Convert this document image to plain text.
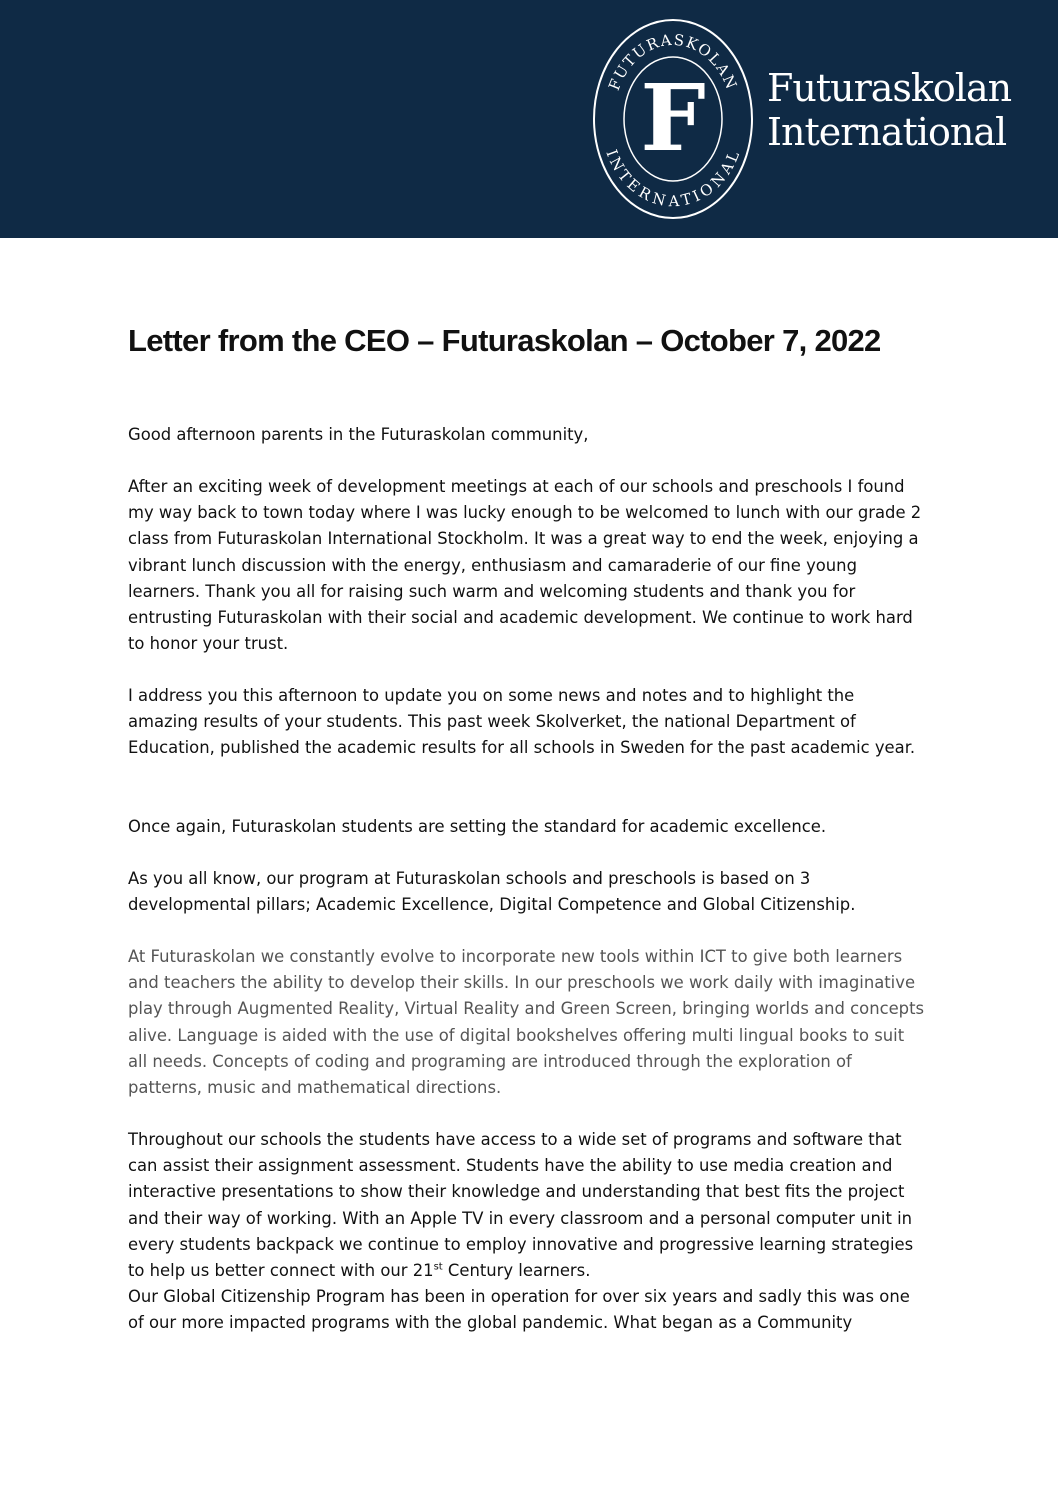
F
FUTURASKOLAN
INTERNATIONAL
Futuraskolan
International
Letter from the CEO – Futuraskolan – October 7, 2022

Good afternoon parents in the Futuraskolan community,

After an exciting week of development meetings at each of our schools and preschools I found my way back to town today where I was lucky enough to be welcomed to lunch with our grade 2 class from Futuraskolan International Stockholm. It was a great way to end the week, enjoying a vibrant lunch discussion with the energy, enthusiasm and camaraderie of our fine young learners. Thank you all for raising such warm and welcoming students and thank you for entrusting Futuraskolan with their social and academic development. We continue to work hard to honor your trust.

I address you this afternoon to update you on some news and notes and to highlight the amazing results of your students. This past week Skolverket, the national Department of Education, published the academic results for all schools in Sweden for the past academic year.

Once again, Futuraskolan students are setting the standard for academic excellence.

As you all know, our program at Futuraskolan schools and preschools is based on 3 developmental pillars; Academic Excellence, Digital Competence and Global Citizenship.

At Futuraskolan we constantly evolve to incorporate new tools within ICT to give both learners and teachers the ability to develop their skills. In our preschools we work daily with imaginative play through Augmented Reality, Virtual Reality and Green Screen, bringing worlds and concepts alive. Language is aided with the use of digital bookshelves offering multi lingual books to suit all needs. Concepts of coding and programing are introduced through the exploration of patterns, music and mathematical directions.

Throughout our schools the students have access to a wide set of programs and software that can assist their assignment assessment. Students have the ability to use media creation and interactive presentations to show their knowledge and understanding that best fits the project and their way of working. With an Apple TV in every classroom and a personal computer unit in every students backpack we continue to employ innovative and progressive learning strategies to help us better connect with our 21st Century learners.

Our Global Citizenship Program has been in operation for over six years and sadly this was one of our more impacted programs with the global pandemic. What began as a Community
